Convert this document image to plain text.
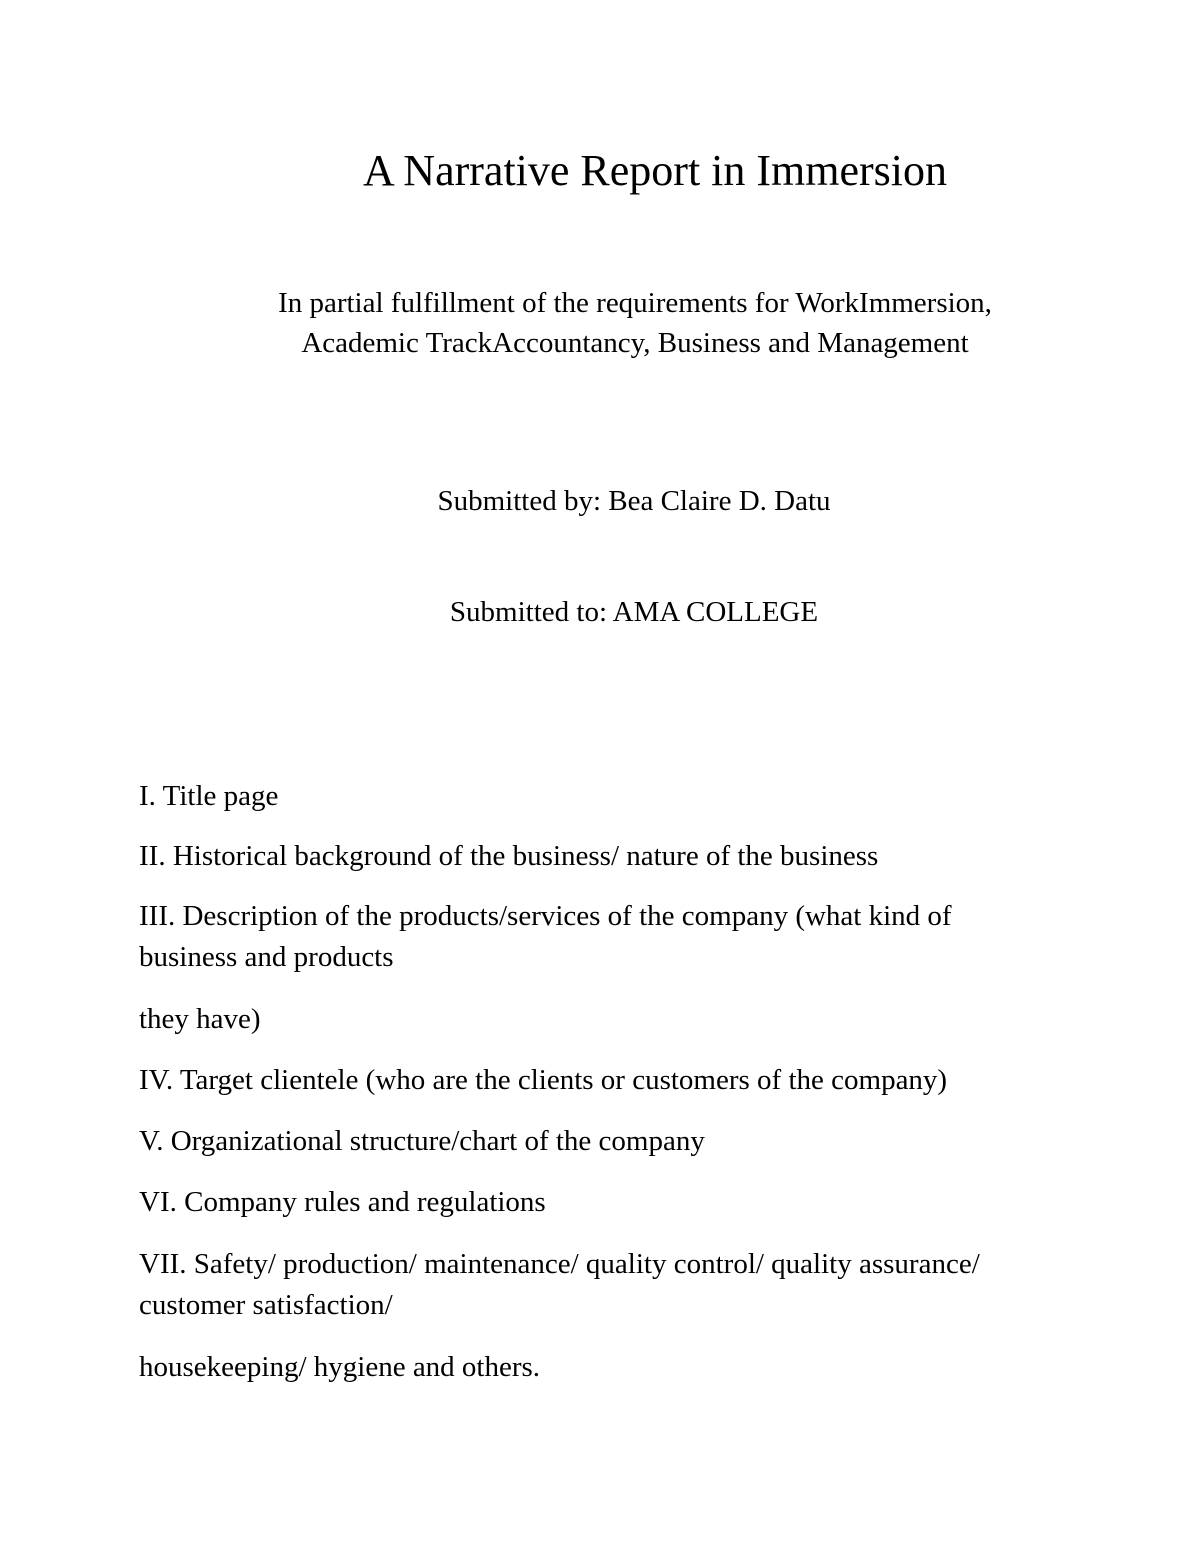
A Narrative Report in Immersion
In partial fulfillment of the requirements for WorkImmersion,
Academic TrackAccountancy, Business and Management
Submitted by: Bea Claire D. Datu
Submitted to: AMA COLLEGE
I. Title page
II. Historical background of the business/ nature of the business
III. Description of the products/services of the company (what kind of
business and products
they have)
IV. Target clientele (who are the clients or customers of the company)
V. Organizational structure/chart of the company
VI. Company rules and regulations
VII. Safety/ production/ maintenance/ quality control/ quality assurance/
customer satisfaction/
housekeeping/ hygiene and others.
